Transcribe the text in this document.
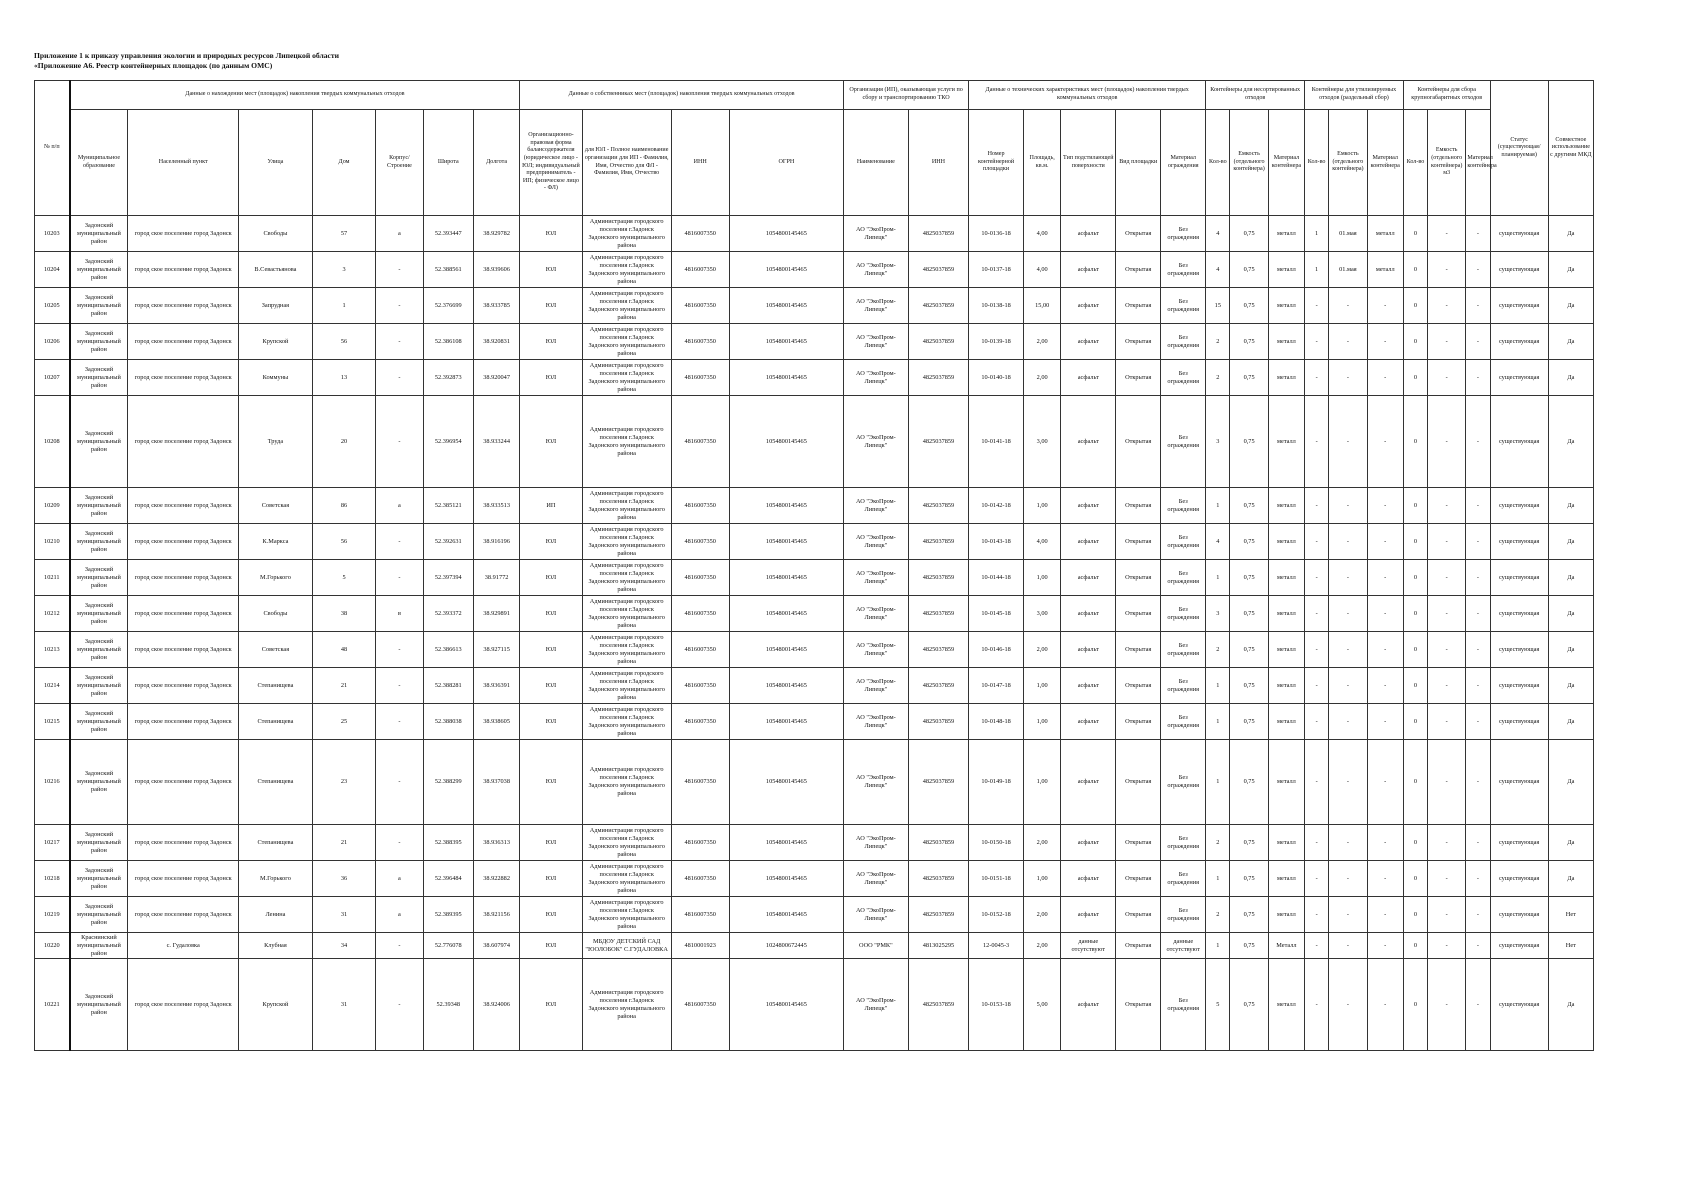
Приложение 1 к приказу управления экологии и природных ресурсов Липецкой области
«Приложение А6. Реестр контейнерных площадок (по данным ОМС)
№ п/п	Данные о нахождении мест (площадок) накопления твердых коммунальных отходов							Данные о собственниках мест (площадок) накопления твердых коммунальных отходов				Организация (ИП), оказывающая услуги по сбору и транспортированию ТКО		Данные о технических характеристиках мест (площадок) накопления твердых коммунальных отходов					Контейнеры для несортированных отходов			Контейнеры для утилизируемых отходов (раздельный сбор)			Контейнеры для сбора крупногабаритных отходов			Статус (существующая/планируемая)	Совместное использование с другими МКД
	Муниципальное образование	Населенный пункт	Улица	Дом	Корпус/Строение	Широта	Долгота	Организационно-правовая форма балансодержателя (юридическое лицо - ЮЛ; индивидуальный предприниматель - ИП; физическое лицо - ФЛ)	для ЮЛ - Полное наименование организации для ИП - Фамилия, Имя, Отчество для ФЛ - Фамилия, Имя, Отчество	ИНН	ОГРН	Наименование	ИНН	Номер контейнерной площадки	Площадь, кв.м.	Тип подстилающей поверхности	Вид площадки	Материал ограждения	Кол-во	Емкость (отдельного контейнера)	Материал контейнера	Кол-во	Емкость (отдельного контейнера)	Материал контейнера	Кол-во	Емкость (отдельного контейнера) м3	Материал контейнера		
10203	Задонский муниципальный район	город ское поселение город Задонск	Свободы	57	а	52.393447	38.929782	ЮЛ	Администрация городского поселения г.Задонск Задонского муниципального района	4816007350	1054800145465	АО "ЭкоПром-Липецк"	4825037859	10-0136-18	4,00	асфальт	Открытая	Без ограждения	4	0,75	металл	1	01.мая	металл	0	-	-	существующая	Да
10204	Задонский муниципальный район	город ское поселение город Задонск	В.Севастьянова	3	-	52.388561	38.939606	ЮЛ	Администрация городского поселения г.Задонск Задонского муниципального района	4816007350	1054800145465	АО "ЭкоПром-Липецк"	4825037859	10-0137-18	4,00	асфальт	Открытая	Без ограждения	4	0,75	металл	1	01.мая	металл	0	-	-	существующая	Да
10205	Задонский муниципальный район	город ское поселение город Задонск	Запрудная	1	-	52.376699	38.933785	ЮЛ	Администрация городского поселения г.Задонск Задонского муниципального района	4816007350	1054800145465	АО "ЭкоПром-Липецк"	4825037859	10-0138-18	15,00	асфальт	Открытая	Без ограждения	15	0,75	металл	-	-	-	0	-	-	существующая	Да
10206	Задонский муниципальный район	город ское поселение город Задонск	Крупской	56	-	52.386108	38.920831	ЮЛ	Администрация городского поселения г.Задонск Задонского муниципального района	4816007350	1054800145465	АО "ЭкоПром-Липецк"	4825037859	10-0139-18	2,00	асфальт	Открытая	Без ограждения	2	0,75	металл	-	-	-	0	-	-	существующая	Да
10207	Задонский муниципальный район	город ское поселение город Задонск	Коммуны	13	-	52.392873	38.920047	ЮЛ	Администрация городского поселения г.Задонск Задонского муниципального района	4816007350	1054800145465	АО "ЭкоПром-Липецк"	4825037859	10-0140-18	2,00	асфальт	Открытая	Без ограждения	2	0,75	металл	-	-	-	0	-	-	существующая	Да
10208	Задонский муниципальный район	город ское поселение город Задонск	Труда	20	-	52.396954	38.933244	ЮЛ	Администрация городского поселения г.Задонск Задонского муниципального района	4816007350	1054800145465	АО "ЭкоПром-Липецк"	4825037859	10-0141-18	3,00	асфальт	Открытая	Без ограждения	3	0,75	металл	-	-	-	0	-	-	существующая	Да
10209	Задонский муниципальный район	город ское поселение город Задонск	Советская	86	а	52.385121	38.933513	ИП	Администрация городского поселения г.Задонск Задонского муниципального района	4816007350	1054800145465	АО "ЭкоПром-Липецк"	4825037859	10-0142-18	1,00	асфальт	Открытая	Без ограждения	1	0,75	металл	-	-	-	0	-	-	существующая	Да
10210	Задонский муниципальный район	город ское поселение город Задонск	К.Маркса	56	-	52.392631	38.916196	ЮЛ	Администрация городского поселения г.Задонск Задонского муниципального района	4816007350	1054800145465	АО "ЭкоПром-Липецк"	4825037859	10-0143-18	4,00	асфальт	Открытая	Без ограждения	4	0,75	металл	-	-	-	0	-	-	существующая	Да
10211	Задонский муниципальный район	город ское поселение город Задонск	М.Горького	5	-	52.397394	38.91772	ЮЛ	Администрация городского поселения г.Задонск Задонского муниципального района	4816007350	1054800145465	АО "ЭкоПром-Липецк"	4825037859	10-0144-18	1,00	асфальт	Открытая	Без ограждения	1	0,75	металл	-	-	-	0	-	-	существующая	Да
10212	Задонский муниципальный район	город ское поселение город Задонск	Свободы	38	в	52.393372	38.929891	ЮЛ	Администрация городского поселения г.Задонск Задонского муниципального района	4816007350	1054800145465	АО "ЭкоПром-Липецк"	4825037859	10-0145-18	3,00	асфальт	Открытая	Без ограждения	3	0,75	металл	-	-	-	0	-	-	существующая	Да
10213	Задонский муниципальный район	город ское поселение город Задонск	Советская	48	-	52.386613	38.927115	ЮЛ	Администрация городского поселения г.Задонск Задонского муниципального района	4816007350	1054800145465	АО "ЭкоПром-Липецк"	4825037859	10-0146-18	2,00	асфальт	Открытая	Без ограждения	2	0,75	металл	-	-	-	0	-	-	существующая	Да
10214	Задонский муниципальный район	город ское поселение город Задонск	Степанищева	21	-	52.388281	38.936391	ЮЛ	Администрация городского поселения г.Задонск Задонского муниципального района	4816007350	1054800145465	АО "ЭкоПром-Липецк"	4825037859	10-0147-18	1,00	асфальт	Открытая	Без ограждения	1	0,75	металл	-	-	-	0	-	-	существующая	Да
10215	Задонский муниципальный район	город ское поселение город Задонск	Степанищева	25	-	52.388038	38.938605	ЮЛ	Администрация городского поселения г.Задонск Задонского муниципального района	4816007350	1054800145465	АО "ЭкоПром-Липецк"	4825037859	10-0148-18	1,00	асфальт	Открытая	Без ограждения	1	0,75	металл	-	-	-	0	-	-	существующая	Да
10216	Задонский муниципальный район	город ское поселение город Задонск	Степанищева	23	-	52.388299	38.937038	ЮЛ	Администрация городского поселения г.Задонск Задонского муниципального района	4816007350	1054800145465	АО "ЭкоПром-Липецк"	4825037859	10-0149-18	1,00	асфальт	Открытая	Без ограждения	1	0,75	металл	-	-	-	0	-	-	существующая	Да
10217	Задонский муниципальный район	город ское поселение город Задонск	Степанищева	21	-	52.388395	38.936313	ЮЛ	Администрация городского поселения г.Задонск Задонского муниципального района	4816007350	1054800145465	АО "ЭкоПром-Липецк"	4825037859	10-0150-18	2,00	асфальт	Открытая	Без ограждения	2	0,75	металл	-	-	-	0	-	-	существующая	Да
10218	Задонский муниципальный район	город ское поселение город Задонск	М.Горького	36	а	52.396484	38.922882	ЮЛ	Администрация городского поселения г.Задонск Задонского муниципального района	4816007350	1054800145465	АО "ЭкоПром-Липецк"	4825037859	10-0151-18	1,00	асфальт	Открытая	Без ограждения	1	0,75	металл	-	-	-	0	-	-	существующая	Да
10219	Задонский муниципальный район	город ское поселение город Задонск	Ленина	31	а	52.389395	38.921156	ЮЛ	Администрация городского поселения г.Задонск Задонского муниципального района	4816007350	1054800145465	АО "ЭкоПром-Липецк"	4825037859	10-0152-18	2,00	асфальт	Открытая	Без ограждения	2	0,75	металл	-	-	-	0	-	-	существующая	Нет
10220	Краснинский муниципальный район	с. Гудаловка	Клубная	34	-	52.776078	38.607974	ЮЛ	МБДОУ ДЕТСКИЙ САД "ЮОЛОБОК" С.ГУДАЛОВКА	4810001923	1024800672445	ООО "РМК"	4813025295	12-0045-3	2,00	данные отсутствуют	Открытая	данные отсутствуют	1	0,75	Металл	-	-	-	0	-	-	существующая	Нет
10221	Задонский муниципальный район	город ское поселение город Задонск	Крупской	31	-	52.39348	38.924006	ЮЛ	Администрация городского поселения г.Задонск Задонского муниципального района	4816007350	1054800145465	АО "ЭкоПром-Липецк"	4825037859	10-0153-18	5,00	асфальт	Открытая	Без ограждения	5	0,75	металл	-	-	-	0	-	-	существующая	Да
